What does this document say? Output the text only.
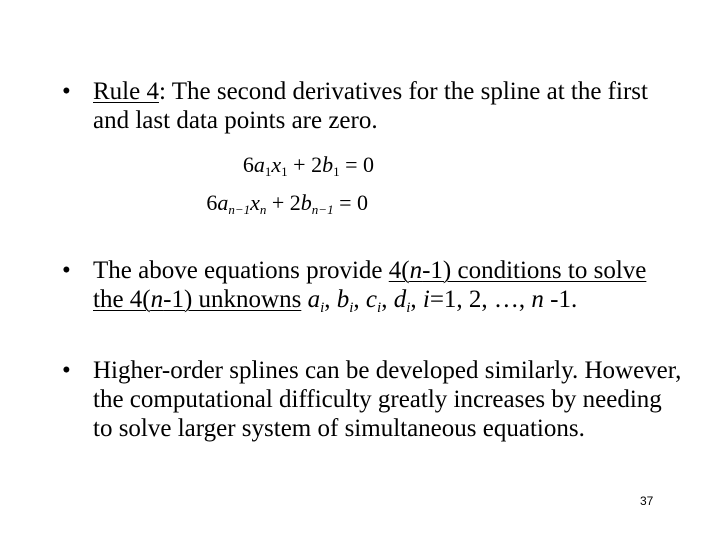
• Rule 4: The second derivatives for the spline at the first and last data points are zero.
$6a_1x_1 + 2b_1 = 0$
$6a_{n-1}x_n + 2b_{n-1} = 0$
• The above equations provide 4(n-1) conditions to solve the 4(n-1) unknowns $a_i$, $b_i$, $c_i$, $d_i$, i=1, 2, …, n -1.
• Higher-order splines can be developed similarly. However, the computational difficulty greatly increases by needing to solve larger system of simultaneous equations.
37
